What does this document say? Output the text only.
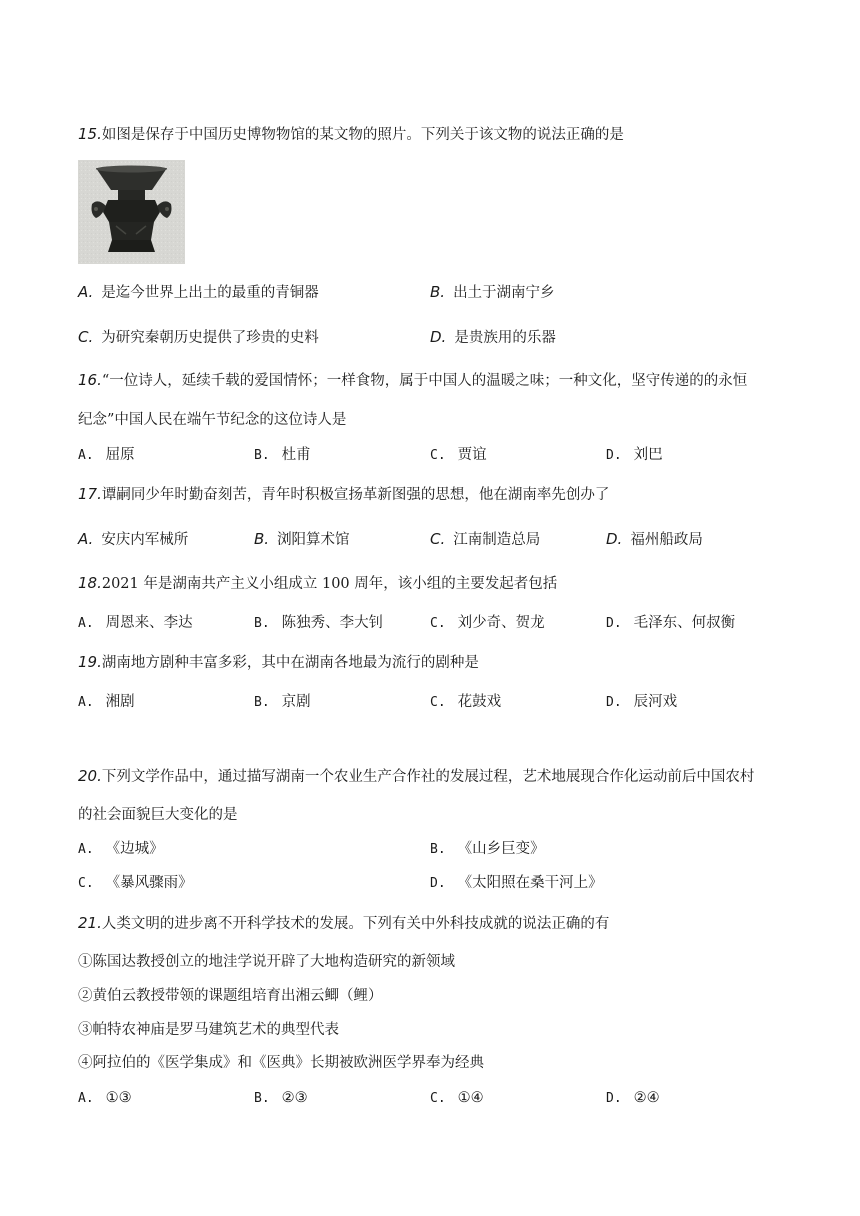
15.如图是保存于中国历史博物物馆的某文物的照片。下列关于该文物的说法正确的是
A. 是迄今世界上出土的最重的青铜器	B. 出土于湖南宁乡
C. 为研究秦朝历史提供了珍贵的史料	D. 是贵族用的乐器
16.“一位诗人，延续千载的爱国情怀；一样食物，属于中国人的温暖之味；一种文化，坚守传递的的永恒
纪念”中国人民在端午节纪念的这位诗人是
A. 屈原	B. 杜甫	C. 贾谊	D. 刘巴
17.谭嗣同少年时勤奋刻苦，青年时积极宣扬革新图强的思想，他在湖南率先创办了
A. 安庆内军械所	B. 浏阳算术馆	C. 江南制造总局	D. 福州船政局
18.2021 年是湖南共产主义小组成立 100 周年，该小组的主要发起者包括
A. 周恩来、李达	B. 陈独秀、李大钊	C. 刘少奇、贺龙	D. 毛泽东、何叔衡
19.湖南地方剧种丰富多彩，其中在湖南各地最为流行的剧种是
A. 湘剧	B. 京剧	C. 花鼓戏	D. 辰河戏
20.下列文学作品中，通过描写湖南一个农业生产合作社的发展过程，艺术地展现合作化运动前后中国农村
的社会面貌巨大变化的是
A. 《边城》	B. 《山乡巨变》
C. 《暴风骤雨》	D. 《太阳照在桑干河上》
21.人类文明的进步离不开科学技术的发展。下列有关中外科技成就的说法正确的有
①陈国达教授创立的地洼学说开辟了大地构造研究的新领域
②黄伯云教授带领的课题组培育出湘云鲫（鲤）
③帕特农神庙是罗马建筑艺术的典型代表
④阿拉伯的《医学集成》和《医典》长期被欧洲医学界奉为经典
A. ①③	B. ②③	C. ①④	D. ②④
